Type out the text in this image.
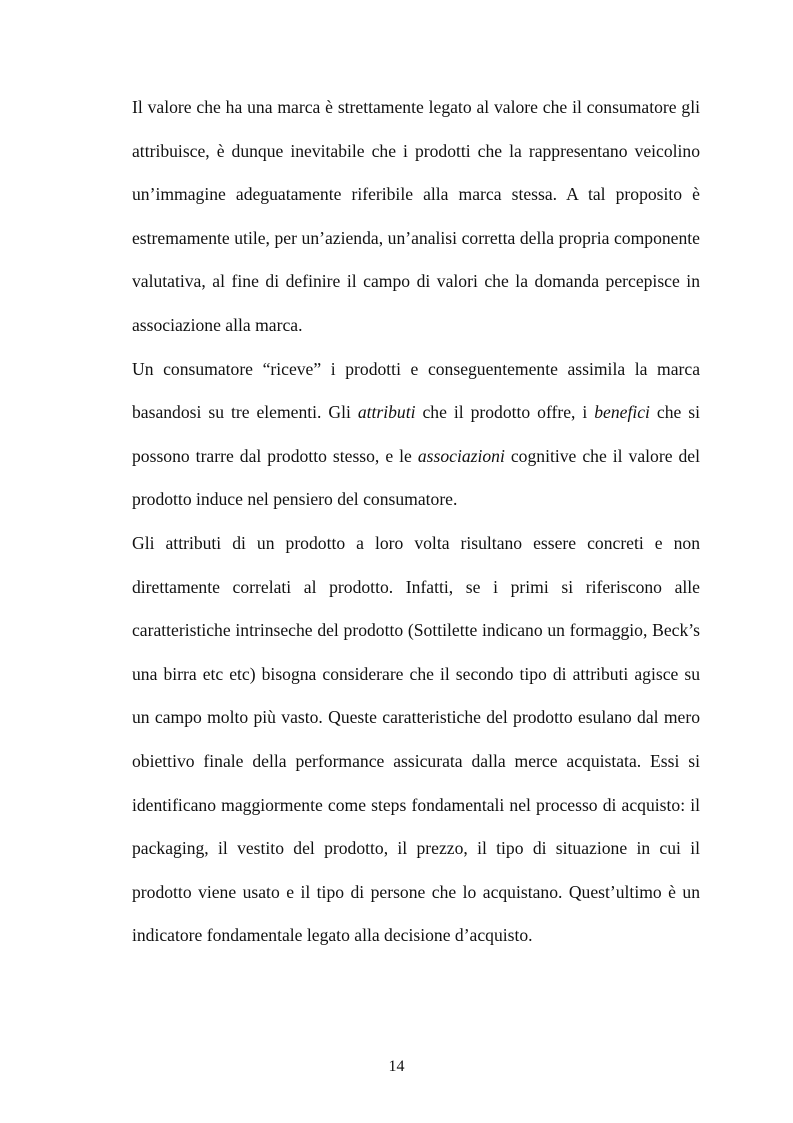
Il valore che ha una marca è strettamente legato al valore che il consumatore gli attribuisce, è dunque inevitabile che i prodotti che la rappresentano veicolino un’immagine adeguatamente riferibile alla marca stessa. A tal proposito è estremamente utile, per un’azienda, un’analisi corretta della propria componente valutativa, al fine di definire il campo di valori che la domanda percepisce in associazione alla marca.

Un consumatore “riceve” i prodotti e conseguentemente assimila la marca basandosi su tre elementi. Gli attributi che il prodotto offre, i benefici che si possono trarre dal prodotto stesso, e le associazioni cognitive che il valore del prodotto induce nel pensiero del consumatore.

Gli attributi di un prodotto a loro volta risultano essere concreti e non direttamente correlati al prodotto. Infatti, se i primi si riferiscono alle caratteristiche intrinseche del prodotto (Sottilette indicano un formaggio, Beck’s una birra etc etc) bisogna considerare che il secondo tipo di attributi agisce su un campo molto più vasto. Queste caratteristiche del prodotto esulano dal mero obiettivo finale della performance assicurata dalla merce acquistata. Essi si identificano maggiormente come steps fondamentali nel processo di acquisto: il packaging, il vestito del prodotto, il prezzo, il tipo di situazione in cui il prodotto viene usato e il tipo di persone che lo acquistano. Quest’ultimo è un indicatore fondamentale legato alla decisione d’acquisto.

14
